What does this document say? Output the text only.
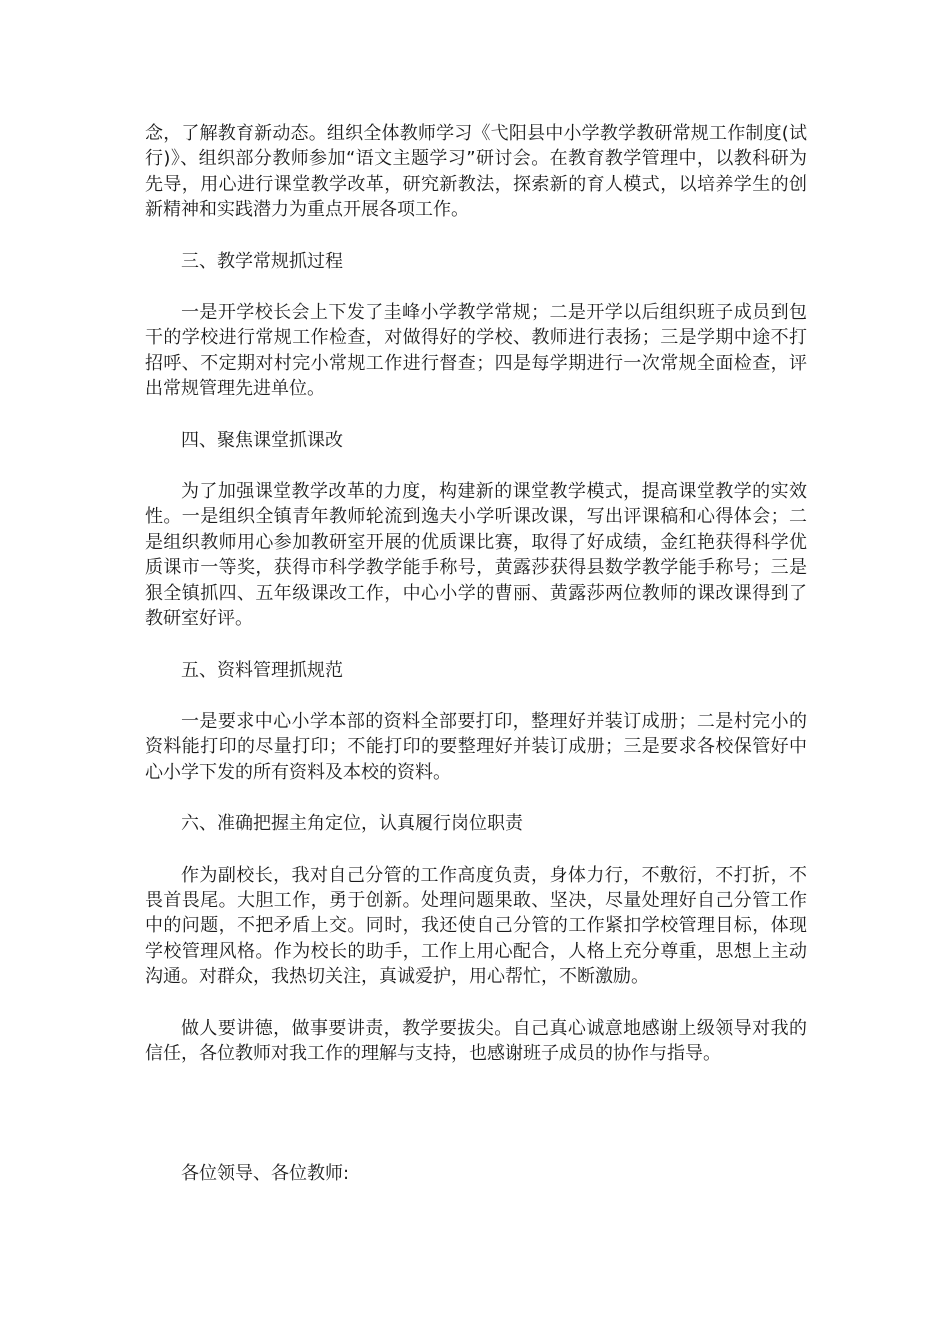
念，了解教育新动态。组织全体教师学习《弋阳县中小学教学教研常规工作制度(试行)》、组织部分教师参加“语文主题学习”研讨会。在教育教学管理中，以教科研为先导，用心进行课堂教学改革，研究新教法，探索新的育人模式，以培养学生的创新精神和实践潜力为重点开展各项工作。

三、教学常规抓过程

一是开学校长会上下发了圭峰小学教学常规；二是开学以后组织班子成员到包干的学校进行常规工作检查，对做得好的学校、教师进行表扬；三是学期中途不打招呼、不定期对村完小常规工作进行督查；四是每学期进行一次常规全面检查，评出常规管理先进单位。

四、聚焦课堂抓课改

为了加强课堂教学改革的力度，构建新的课堂教学模式，提高课堂教学的实效性。一是组织全镇青年教师轮流到逸夫小学听课改课，写出评课稿和心得体会；二是组织教师用心参加教研室开展的优质课比赛，取得了好成绩，金红艳获得科学优质课市一等奖，获得市科学教学能手称号，黄露莎获得县数学教学能手称号；三是狠全镇抓四、五年级课改工作，中心小学的曹丽、黄露莎两位教师的课改课得到了教研室好评。

五、资料管理抓规范

一是要求中心小学本部的资料全部要打印，整理好并装订成册；二是村完小的资料能打印的尽量打印；不能打印的要整理好并装订成册；三是要求各校保管好中心小学下发的所有资料及本校的资料。

六、准确把握主角定位，认真履行岗位职责

作为副校长，我对自己分管的工作高度负责，身体力行，不敷衍，不打折，不畏首畏尾。大胆工作，勇于创新。处理问题果敢、坚决，尽量处理好自己分管工作中的问题，不把矛盾上交。同时，我还使自己分管的工作紧扣学校管理目标，体现学校管理风格。作为校长的助手，工作上用心配合，人格上充分尊重，思想上主动沟通。对群众，我热切关注，真诚爱护，用心帮忙，不断激励。

做人要讲德，做事要讲责，教学要拔尖。自己真心诚意地感谢上级领导对我的信任，各位教师对我工作的理解与支持，也感谢班子成员的协作与指导。

各位领导、各位教师:
